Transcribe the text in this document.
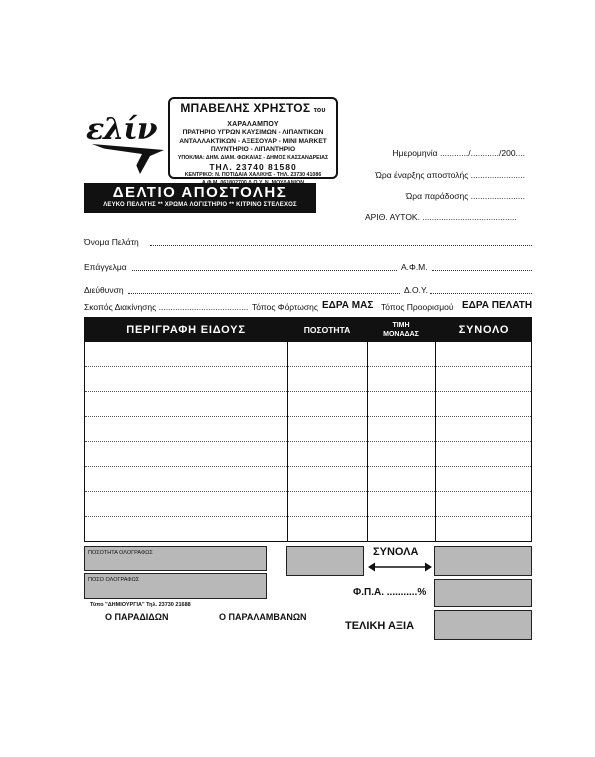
ελίν
ΜΠΑΒΕΛΗΣ ΧΡΗΣΤΟΣ του ΧΑΡΑΛΑΜΠΟΥ
ΠΡΑΤΗΡΙΟ ΥΓΡΩΝ ΚΑΥΣΙΜΩΝ - ΛΙΠΑΝΤΙΚΩΝ
ΑΝΤΑΛΛΑΚΤΙΚΩΝ - ΑΞΕΣΟΥΑΡ - MINI MARKET
ΠΛΥΝΤΗΡΙΟ - ΛΙΠΑΝΤΗΡΙΟ
ΥΠΟΚ/ΜΑ: ΔΗΜ. ΔΙΑΜ. ΦΩΚΑΙΑΣ - ΔΗΜΟΣ ΚΑΣΣΑΝΔΡΕΙΑΣ
ΤΗΛ. 23740 81580
ΚΕΝΤΡΙΚΟ: Ν. ΠΟΤΙΔΑΙΑ ΧΑΛ/ΚΗΣ - ΤΗΛ. 23730 41086
ΔΕΛΤΙΟ ΑΠΟΣΤΟΛΗΣ
ΛΕΥΚΟ ΠΕΛΑΤΗΣ ** ΧΡΩΜΑ ΛΟΓΙΣΤΗΡΙΟ ** ΚΙΤΡΙΝΟ ΣΤΕΛΕΧΟΣ
Ημερομηνία ............/............/200....
Ώρα έναρξης αποστολής .......................
Ώρα παράδοσης .......................
ΑΡΙΘ. ΑΥΤΟΚ. ........................................
Όνομα Πελάτη
Επάγγελμα	Α.Φ.Μ.
Διεύθυνση	Δ.Ο.Υ.
Σκοπός Διακίνησης ...................................... Τόπος Φόρτωσης ΕΔΡΑ ΜΑΣ Τόπος Προορισμού ΕΔΡΑ ΠΕΛΑΤΗ
ΠΕΡΙΓΡΑΦΗ ΕΙΔΟΥΣ	ΠΟΣΟΤΗΤΑ	ΤΙΜΗ ΜΟΝΑΔΑΣ	ΣΥΝΟΛΟ
ΠΟΣΟΤΗΤΑ ΟΛΟΓΡΑΦΩΣ
ΠΟΣΟ ΟΛΟΓΡΑΦΩΣ
Τύπο "ΔΗΜΙΟΥΡΓΙΑ" Τηλ. 23730 21688
ΣΥΝΟΛΑ
Φ.Π.Α. ...........%
ΤΕΛΙΚΗ ΑΞΙΑ
Ο ΠΑΡΑΔΙΔΩΝ	Ο ΠΑΡΑΛΑΜΒΑΝΩΝ
